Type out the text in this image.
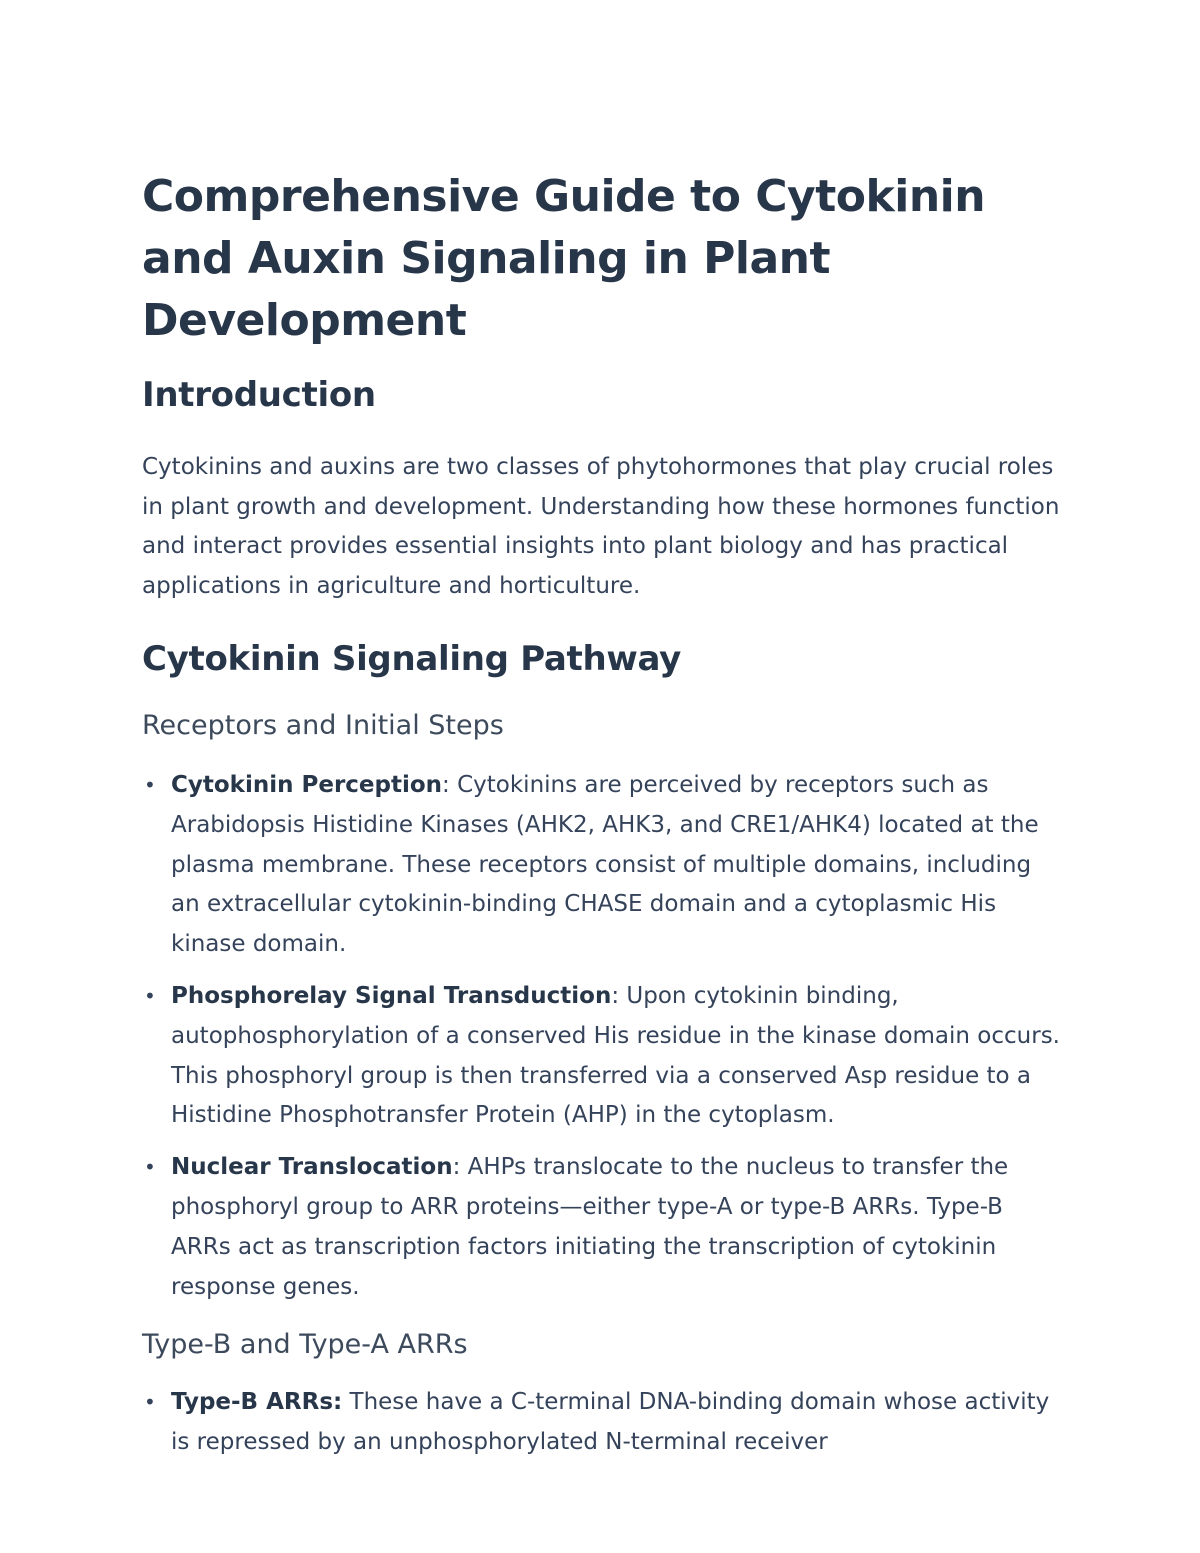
Comprehensive Guide to Cytokinin and Auxin Signaling in Plant Development
Introduction

Cytokinins and auxins are two classes of phytohormones that play crucial roles in plant growth and development. Understanding how these hormones function and interact provides essential insights into plant biology and has practical applications in agriculture and horticulture.

Cytokinin Signaling Pathway
Receptors and Initial Steps
• Cytokinin Perception: Cytokinins are perceived by receptors such as Arabidopsis Histidine Kinases (AHK2, AHK3, and CRE1/AHK4) located at the plasma membrane. These receptors consist of multiple domains, including an extracellular cytokinin-binding CHASE domain and a cytoplasmic His kinase domain.
• Phosphorelay Signal Transduction: Upon cytokinin binding, autophosphorylation of a conserved His residue in the kinase domain occurs. This phosphoryl group is then transferred via a conserved Asp residue to a Histidine Phosphotransfer Protein (AHP) in the cytoplasm.
• Nuclear Translocation: AHPs translocate to the nucleus to transfer the phosphoryl group to ARR proteins—either type-A or type-B ARRs. Type-B ARRs act as transcription factors initiating the transcription of cytokinin response genes.
Type-B and Type-A ARRs
• Type-B ARRs: These have a C-terminal DNA-binding domain whose activity is repressed by an unphosphorylated N-terminal receiver
